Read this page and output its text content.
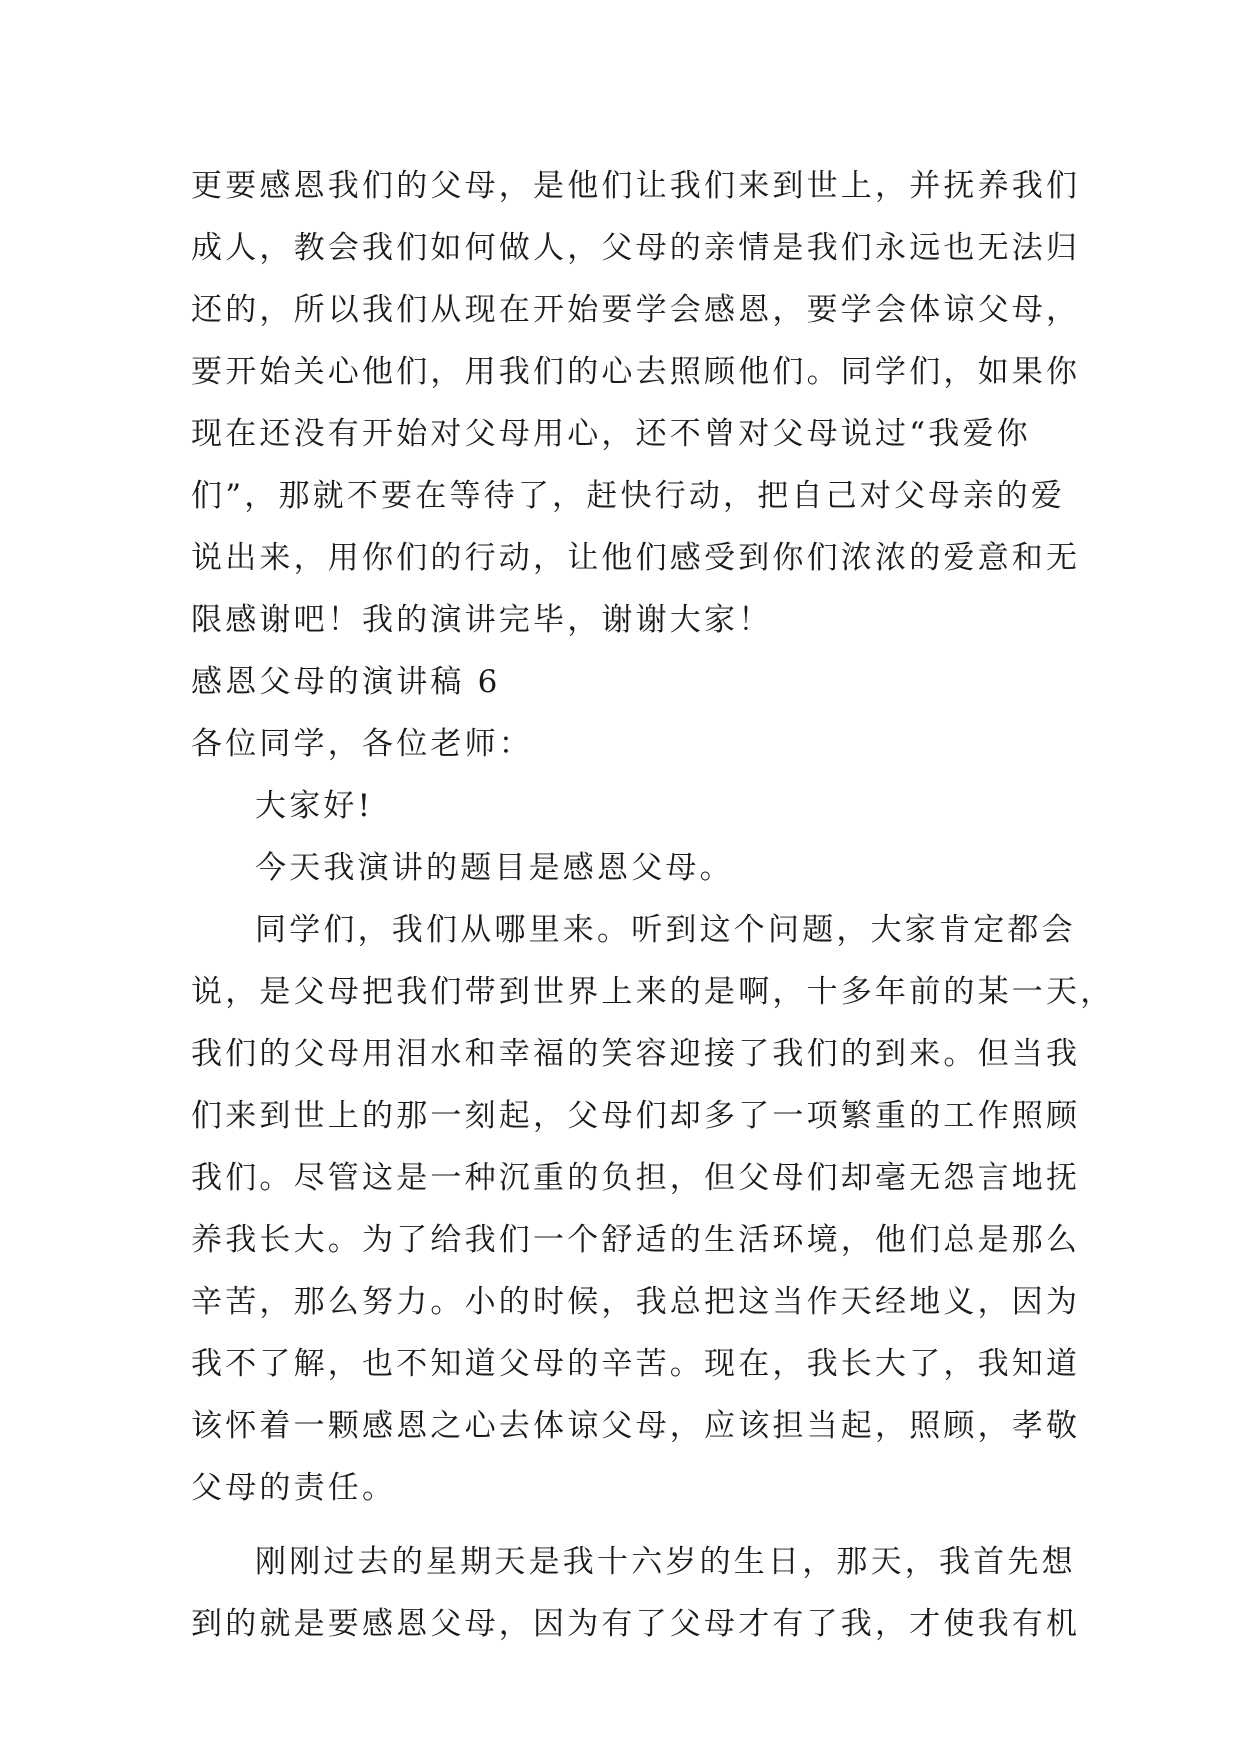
更要感恩我们的父母，是他们让我们来到世上，并抚养我们
成人，教会我们如何做人，父母的亲情是我们永远也无法归
还的，所以我们从现在开始要学会感恩，要学会体谅父母，
要开始关心他们，用我们的心去照顾他们。同学们，如果你
现在还没有开始对父母用心，还不曾对父母说过“我爱你
们”，那就不要在等待了，赶快行动，把自己对父母亲的爱
说出来，用你们的行动，让他们感受到你们浓浓的爱意和无
限感谢吧！我的演讲完毕，谢谢大家！
感恩父母的演讲稿 6
各位同学，各位老师：
大家好!
今天我演讲的题目是感恩父母。
同学们，我们从哪里来。听到这个问题，大家肯定都会
说，是父母把我们带到世界上来的是啊，十多年前的某一天，
我们的父母用泪水和幸福的笑容迎接了我们的到来。但当我
们来到世上的那一刻起，父母们却多了一项繁重的工作照顾
我们。尽管这是一种沉重的负担，但父母们却毫无怨言地抚
养我长大。为了给我们一个舒适的生活环境，他们总是那么
辛苦，那么努力。小的时候，我总把这当作天经地义，因为
我不了解，也不知道父母的辛苦。现在，我长大了，我知道
该怀着一颗感恩之心去体谅父母，应该担当起，照顾，孝敬
父母的责任。
刚刚过去的星期天是我十六岁的生日，那天，我首先想
到的就是要感恩父母，因为有了父母才有了我，才使我有机
